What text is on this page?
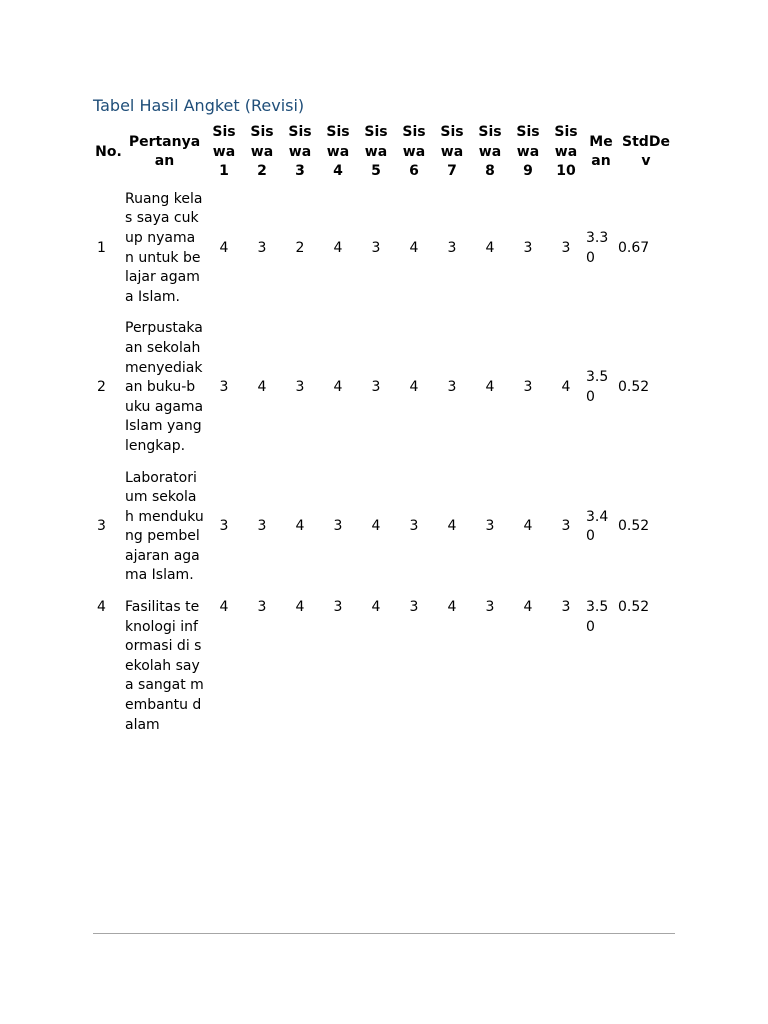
Tabel Hasil Angket (Revisi)
No.	Pertanyaan	Siswa 1	Siswa 2	Siswa 3	Siswa 4	Siswa 5	Siswa 6	Siswa 7	Siswa 8	Siswa 9	Siswa 10	Mean	StdDev
1	Ruang kelas saya cukup nyaman untuk belajar agama Islam.	4	3	2	4	3	4	3	4	3	3	3.30	0.67
2	Perpustakaan sekolah menyediakan buku-buku agama Islam yang lengkap.	3	4	3	4	3	4	3	4	3	4	3.50	0.52
3	Laboratorium sekolah mendukung pembelajaran agama Islam.	3	3	4	3	4	3	4	3	4	3	3.40	0.52
4	Fasilitas teknologi informasi di sekolah saya sangat membantu dalam	4	3	4	3	4	3	4	3	4	3	3.50	0.52
